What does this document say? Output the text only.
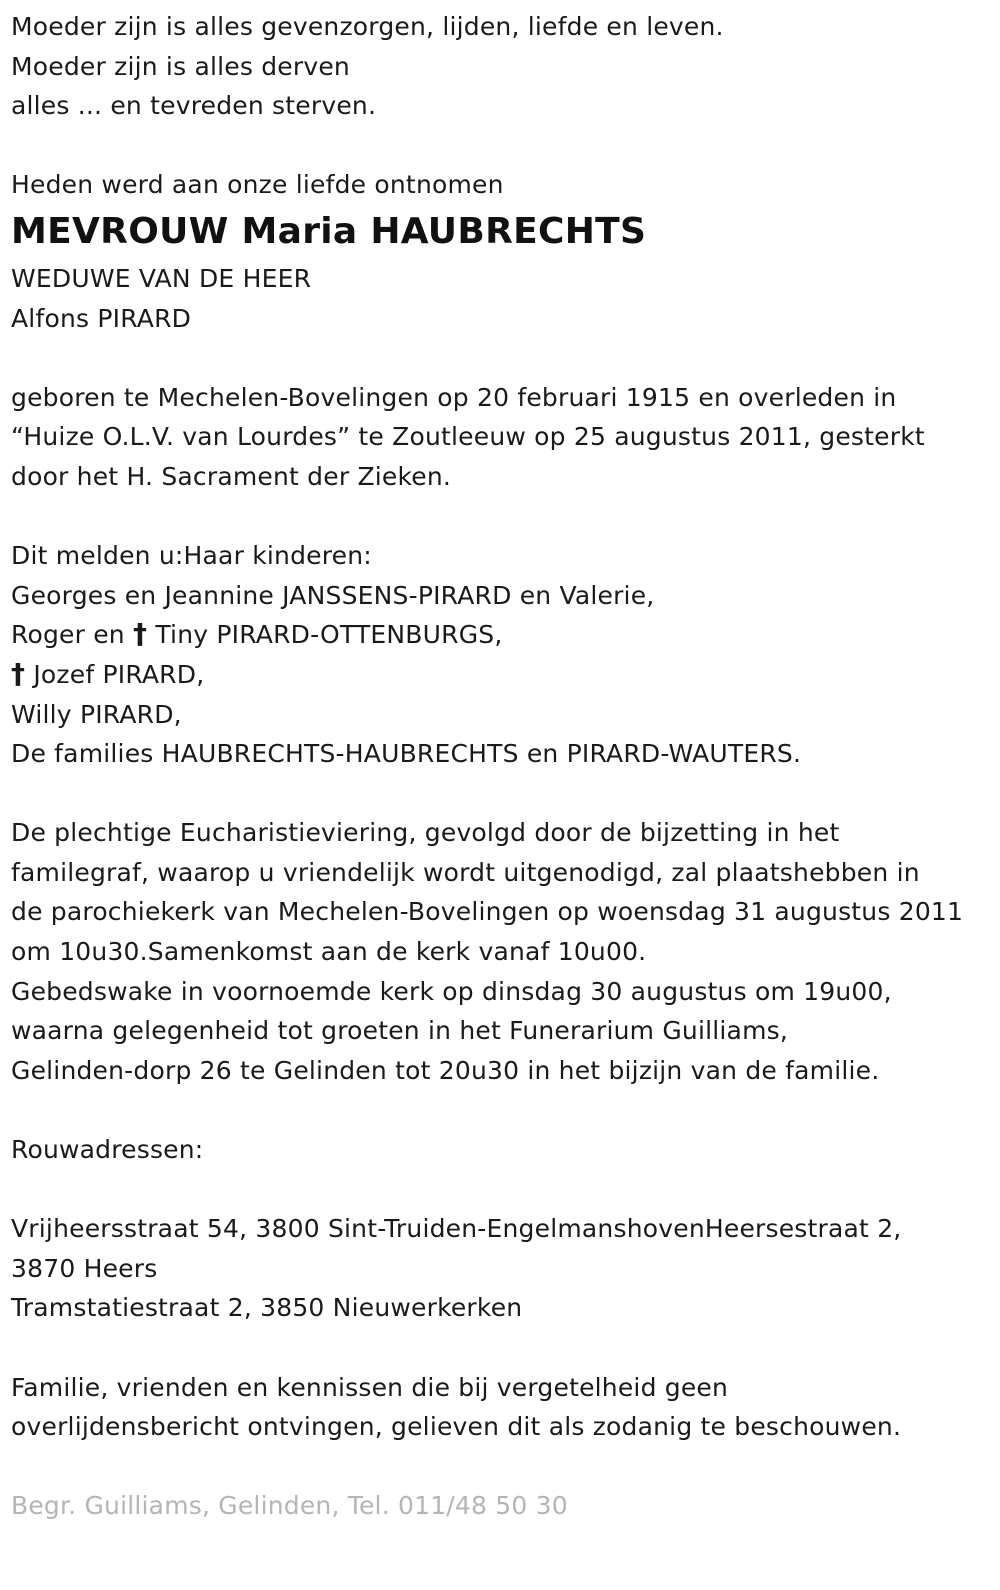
Moeder zijn is alles gevenzorgen, lijden, liefde en leven.
Moeder zijn is alles derven
alles ... en tevreden sterven.
Heden werd aan onze liefde ontnomen
MEVROUW Maria HAUBRECHTS
WEDUWE VAN DE HEER
Alfons PIRARD
geboren te Mechelen-Bovelingen op 20 februari 1915 en overleden in
“Huize O.L.V. van Lourdes” te Zoutleeuw op 25 augustus 2011, gesterkt
door het H. Sacrament der Zieken.
Dit melden u:Haar kinderen:
Georges en Jeannine JANSSENS-PIRARD en Valerie,
Roger en † Tiny PIRARD-OTTENBURGS,
† Jozef PIRARD,
Willy PIRARD,
De families HAUBRECHTS-HAUBRECHTS en PIRARD-WAUTERS.
De plechtige Eucharistieviering, gevolgd door de bijzetting in het
familegraf, waarop u vriendelijk wordt uitgenodigd, zal plaatshebben in
de parochiekerk van Mechelen-Bovelingen op woensdag 31 augustus 2011
om 10u30.Samenkomst aan de kerk vanaf 10u00.
Gebedswake in voornoemde kerk op dinsdag 30 augustus om 19u00,
waarna gelegenheid tot groeten in het Funerarium Guilliams,
Gelinden-dorp 26 te Gelinden tot 20u30 in het bijzijn van de familie.
Rouwadressen:
Vrijheersstraat 54, 3800 Sint-Truiden-EngelmanshovenHeersestraat 2,
3870 Heers
Tramstatiestraat 2, 3850 Nieuwerkerken
Familie, vrienden en kennissen die bij vergetelheid geen
overlijdensbericht ontvingen, gelieven dit als zodanig te beschouwen.
Begr. Guilliams, Gelinden, Tel. 011/48 50 30
